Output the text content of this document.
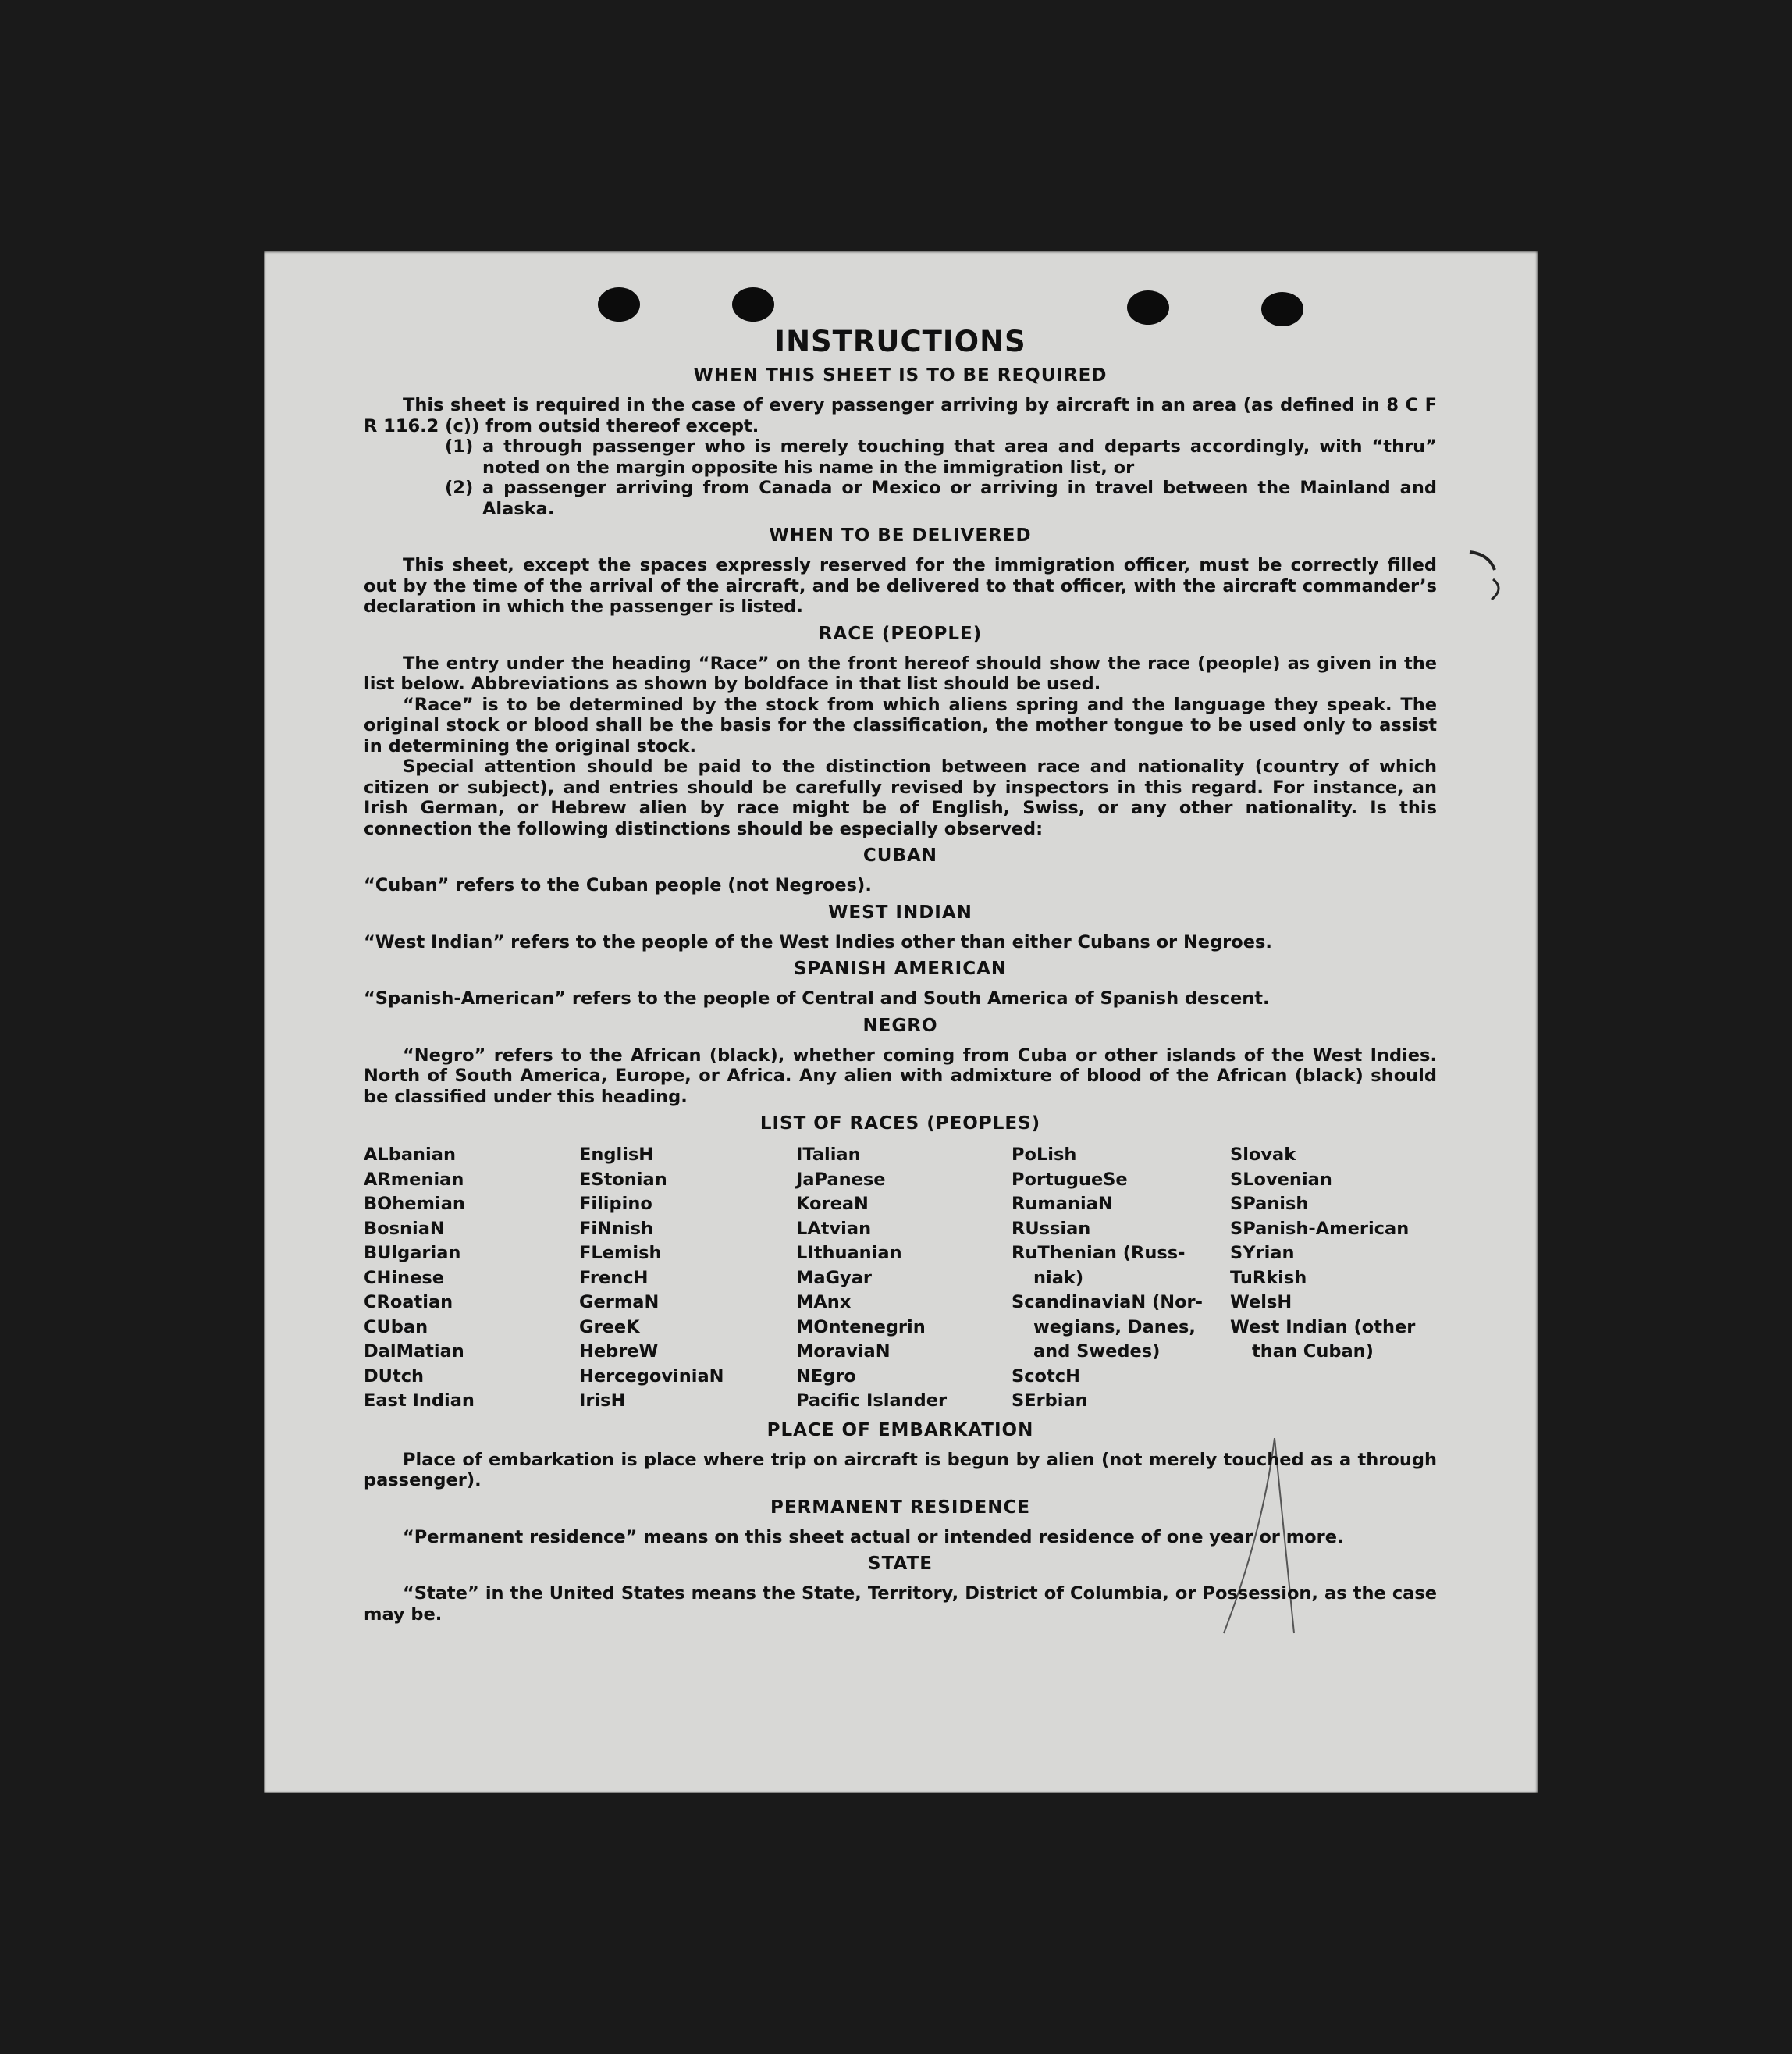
INSTRUCTIONS
WHEN THIS SHEET IS TO BE REQUIRED

This sheet is required in the case of every passenger arriving by aircraft in an area (as defined in 8 C F R 116.2 (c)) from outsid thereof except.

(1) a through passenger who is merely touching that area and departs accordingly, with “thru” noted on the margin opposite his name in the immigration list, or
(2) a passenger arriving from Canada or Mexico or arriving in travel between the Mainland and Alaska.
WHEN TO BE DELIVERED

This sheet, except the spaces expressly reserved for the immigration officer, must be correctly filled out by the time of the arrival of the aircraft, and be delivered to that officer, with the aircraft commander’s declaration in which the passenger is listed.

RACE (PEOPLE)

The entry under the heading “Race” on the front hereof should show the race (people) as given in the list below. Abbreviations as shown by boldface in that list should be used.

“Race” is to be determined by the stock from which aliens spring and the language they speak. The original stock or blood shall be the basis for the classification, the mother tongue to be used only to assist in determining the original stock.

Special attention should be paid to the distinction between race and nationality (country of which citizen or subject), and entries should be carefully revised by inspectors in this regard. For instance, an Irish German, or Hebrew alien by race might be of English, Swiss, or any other nationality. Is this connection the following distinctions should be especially observed:

CUBAN

“Cuban” refers to the Cuban people (not Negroes).

WEST INDIAN

“West Indian” refers to the people of the West Indies other than either Cubans or Negroes.

SPANISH AMERICAN

“Spanish-American” refers to the people of Central and South America of Spanish descent.

NEGRO

“Negro” refers to the African (black), whether coming from Cuba or other islands of the West Indies. North of South America, Europe, or Africa. Any alien with admixture of blood of the African (black) should be classified under this heading.

LIST OF RACES (PEOPLES)
ALbanian
ARmenian
BOhemian
BosniaN
BUlgarian
CHinese
CRoatian
CUban
DalMatian
DUtch
East Indian
EnglisH
EStonian
Filipino
FiNnish
FLemish
FrencH
GermaN
GreeK
HebreW
HercegoviniaN
IrisH
ITalian
JaPanese
KoreaN
LAtvian
LIthuanian
MaGyar
MAnx
MOntenegrin
MoraviaN
NEgro
Pacific Islander
PoLish
PortugueSe
RumaniaN
RUssian
RuThenian (Russ-
niak)
ScandinaviaN (Nor-
wegians, Danes,
and Swedes)
ScotcH
SErbian
Slovak
SLovenian
SPanish
SPanish-American
SYrian
TuRkish
WelsH
West Indian (other
than Cuban)
PLACE OF EMBARKATION

Place of embarkation is place where trip on aircraft is begun by alien (not merely touched as a through passenger).

PERMANENT RESIDENCE

“Permanent residence” means on this sheet actual or intended residence of one year or more.

STATE

“State” in the United States means the State, Territory, District of Columbia, or Possession, as the case may be.
